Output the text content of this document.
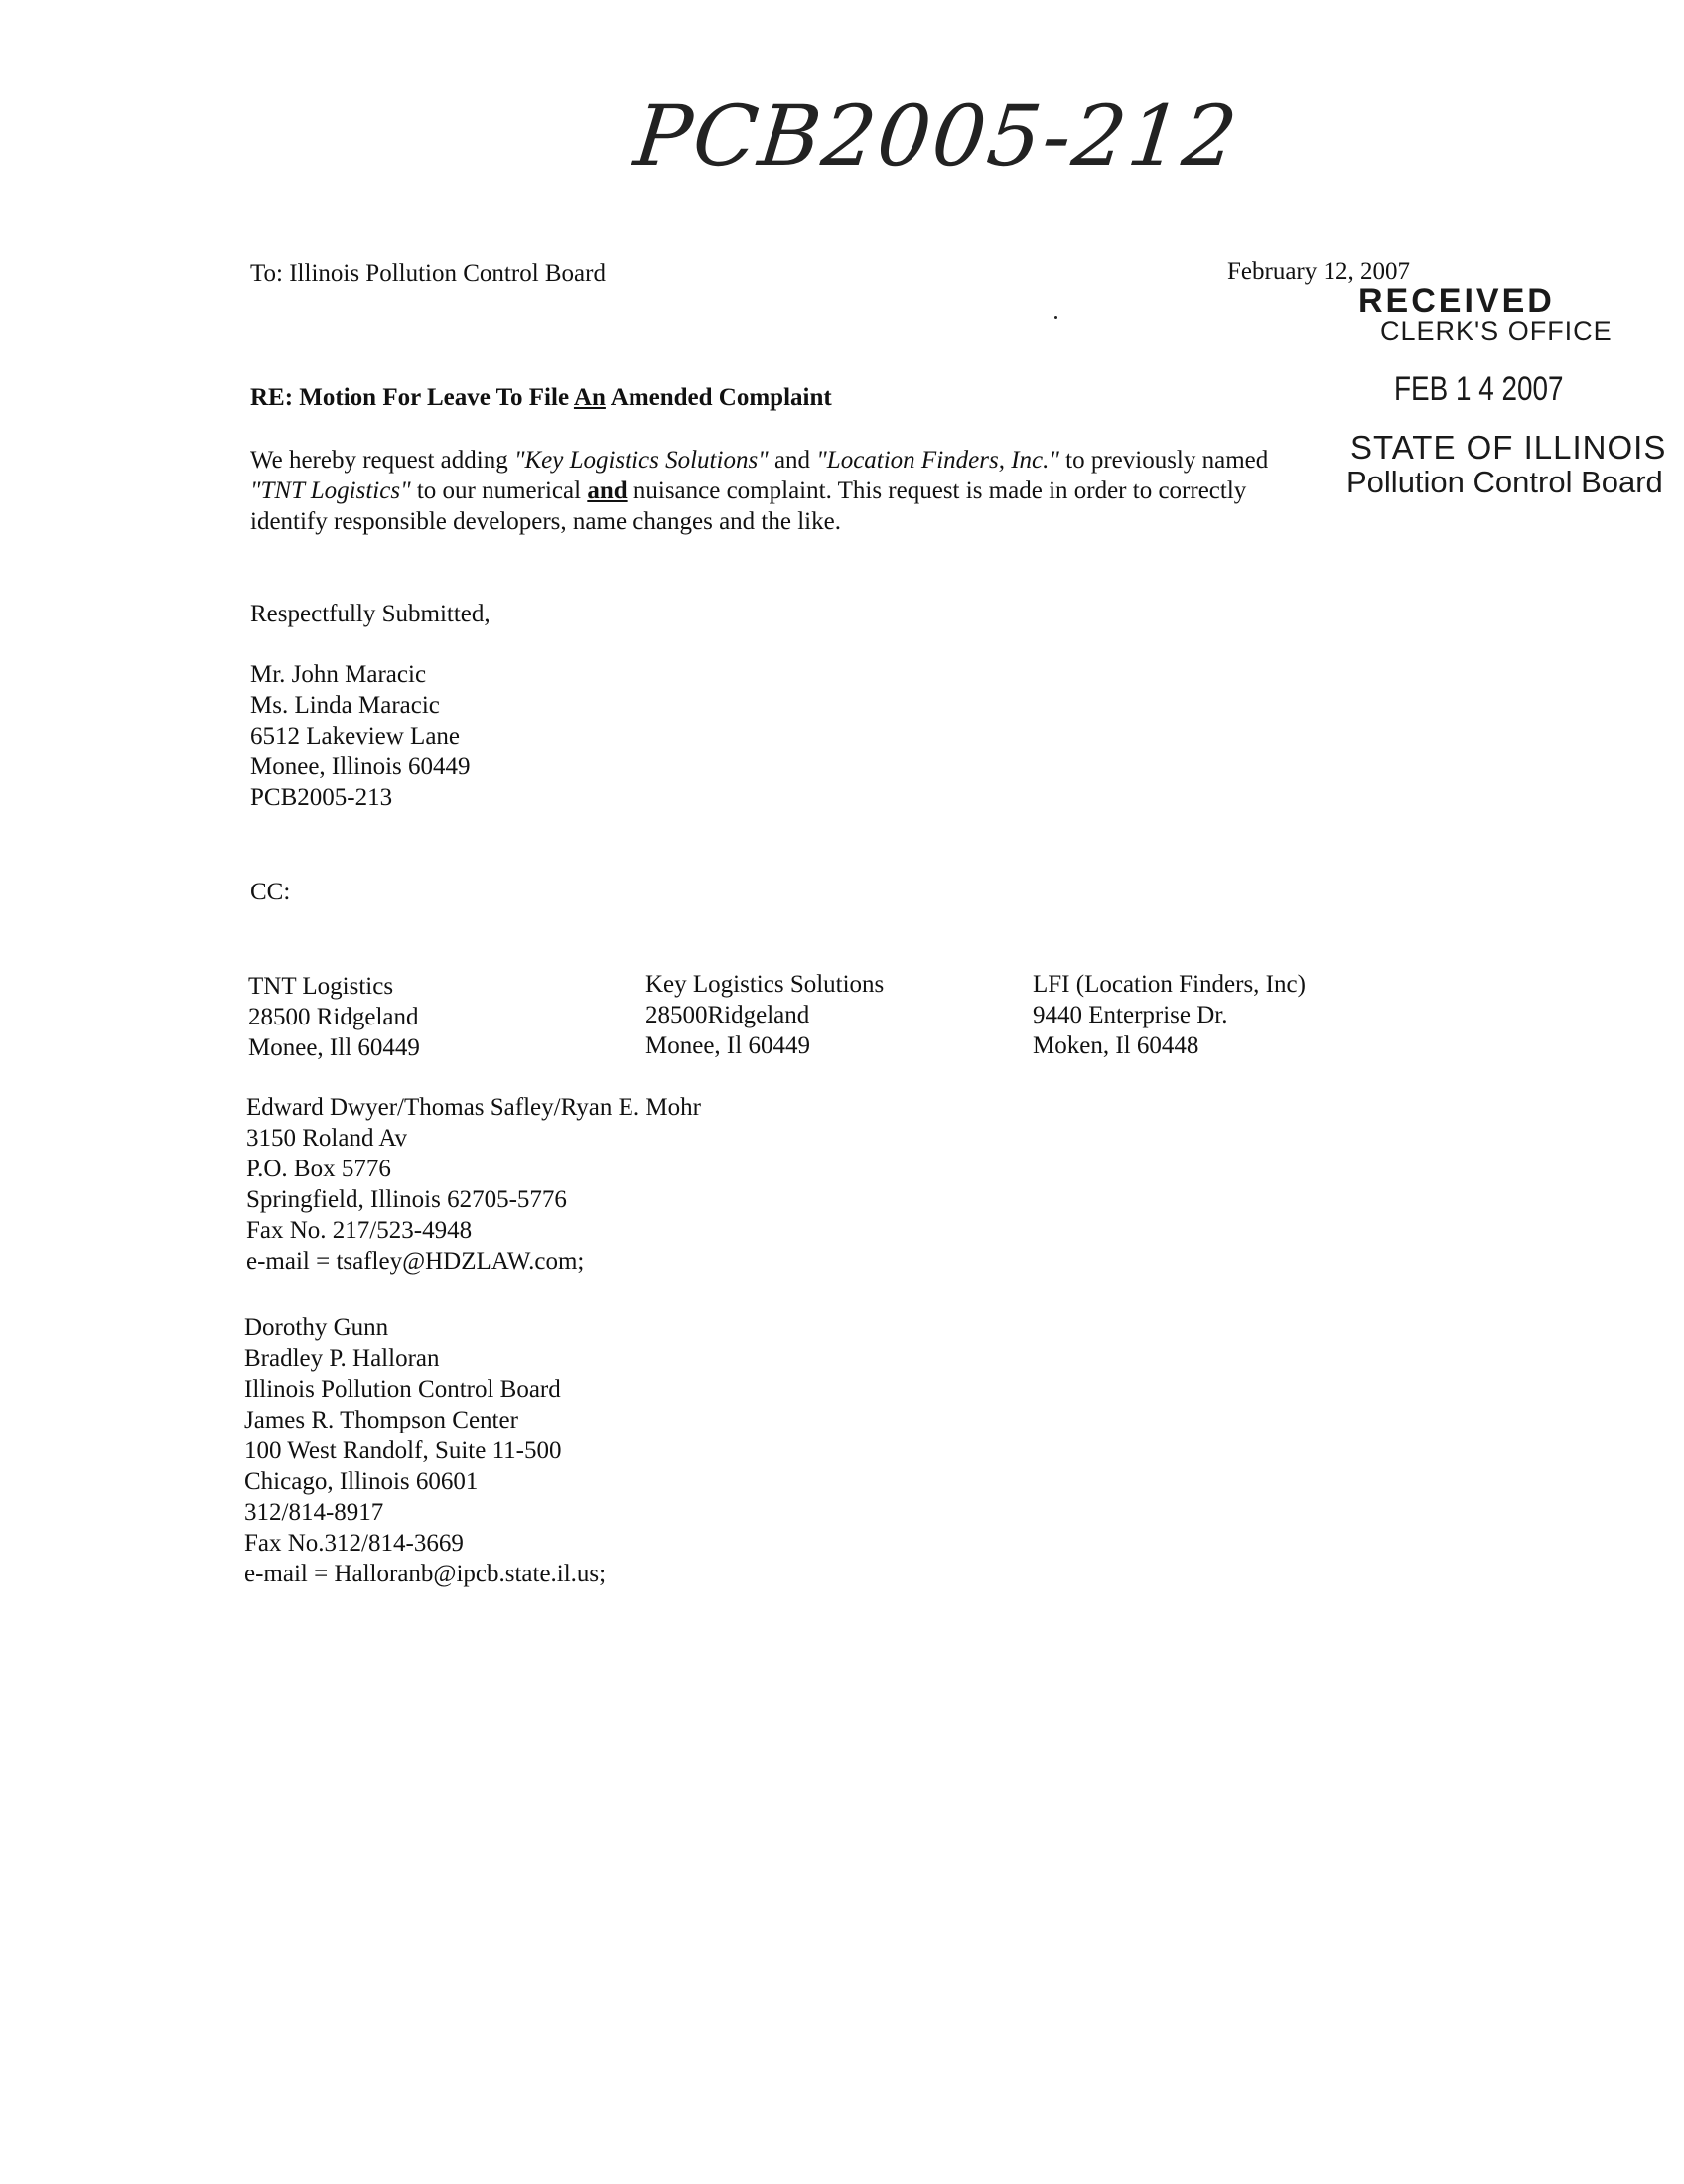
PCB2005-212
To: Illinois Pollution Control Board	February 12, 2007
RECEIVED
CLERK'S OFFICE
FEB 1 4 2007
RE: Motion For Leave To File An Amended Complaint
We hereby request adding "Key Logistics Solutions" and "Location Finders, Inc." to previously named
"TNT Logistics" to our numerical and nuisance complaint. This request is made in order to correctly
identify responsible developers, name changes and the like.
STATE OF ILLINOIS
Pollution Control Board
Respectfully Submitted,
Mr. John Maracic
Ms. Linda Maracic
6512 Lakeview Lane
Monee, Illinois 60449
PCB2005-213
CC:
TNT Logistics
28500 Ridgeland
Monee, Ill 60449
Key Logistics Solutions
28500Ridgeland
Monee, Il 60449
LFI (Location Finders, Inc)
9440 Enterprise Dr.
Moken, Il 60448
Edward Dwyer/Thomas Safley/Ryan E. Mohr
3150 Roland Av
P.O. Box 5776
Springfield, Illinois 62705-5776
Fax No. 217/523-4948
e-mail = tsafley@HDZLAW.com;
Dorothy Gunn
Bradley P. Halloran
Illinois Pollution Control Board
James R. Thompson Center
100 West Randolf, Suite 11-500
Chicago, Illinois 60601
312/814-8917
Fax No.312/814-3669
e-mail = Halloranb@ipcb.state.il.us;
